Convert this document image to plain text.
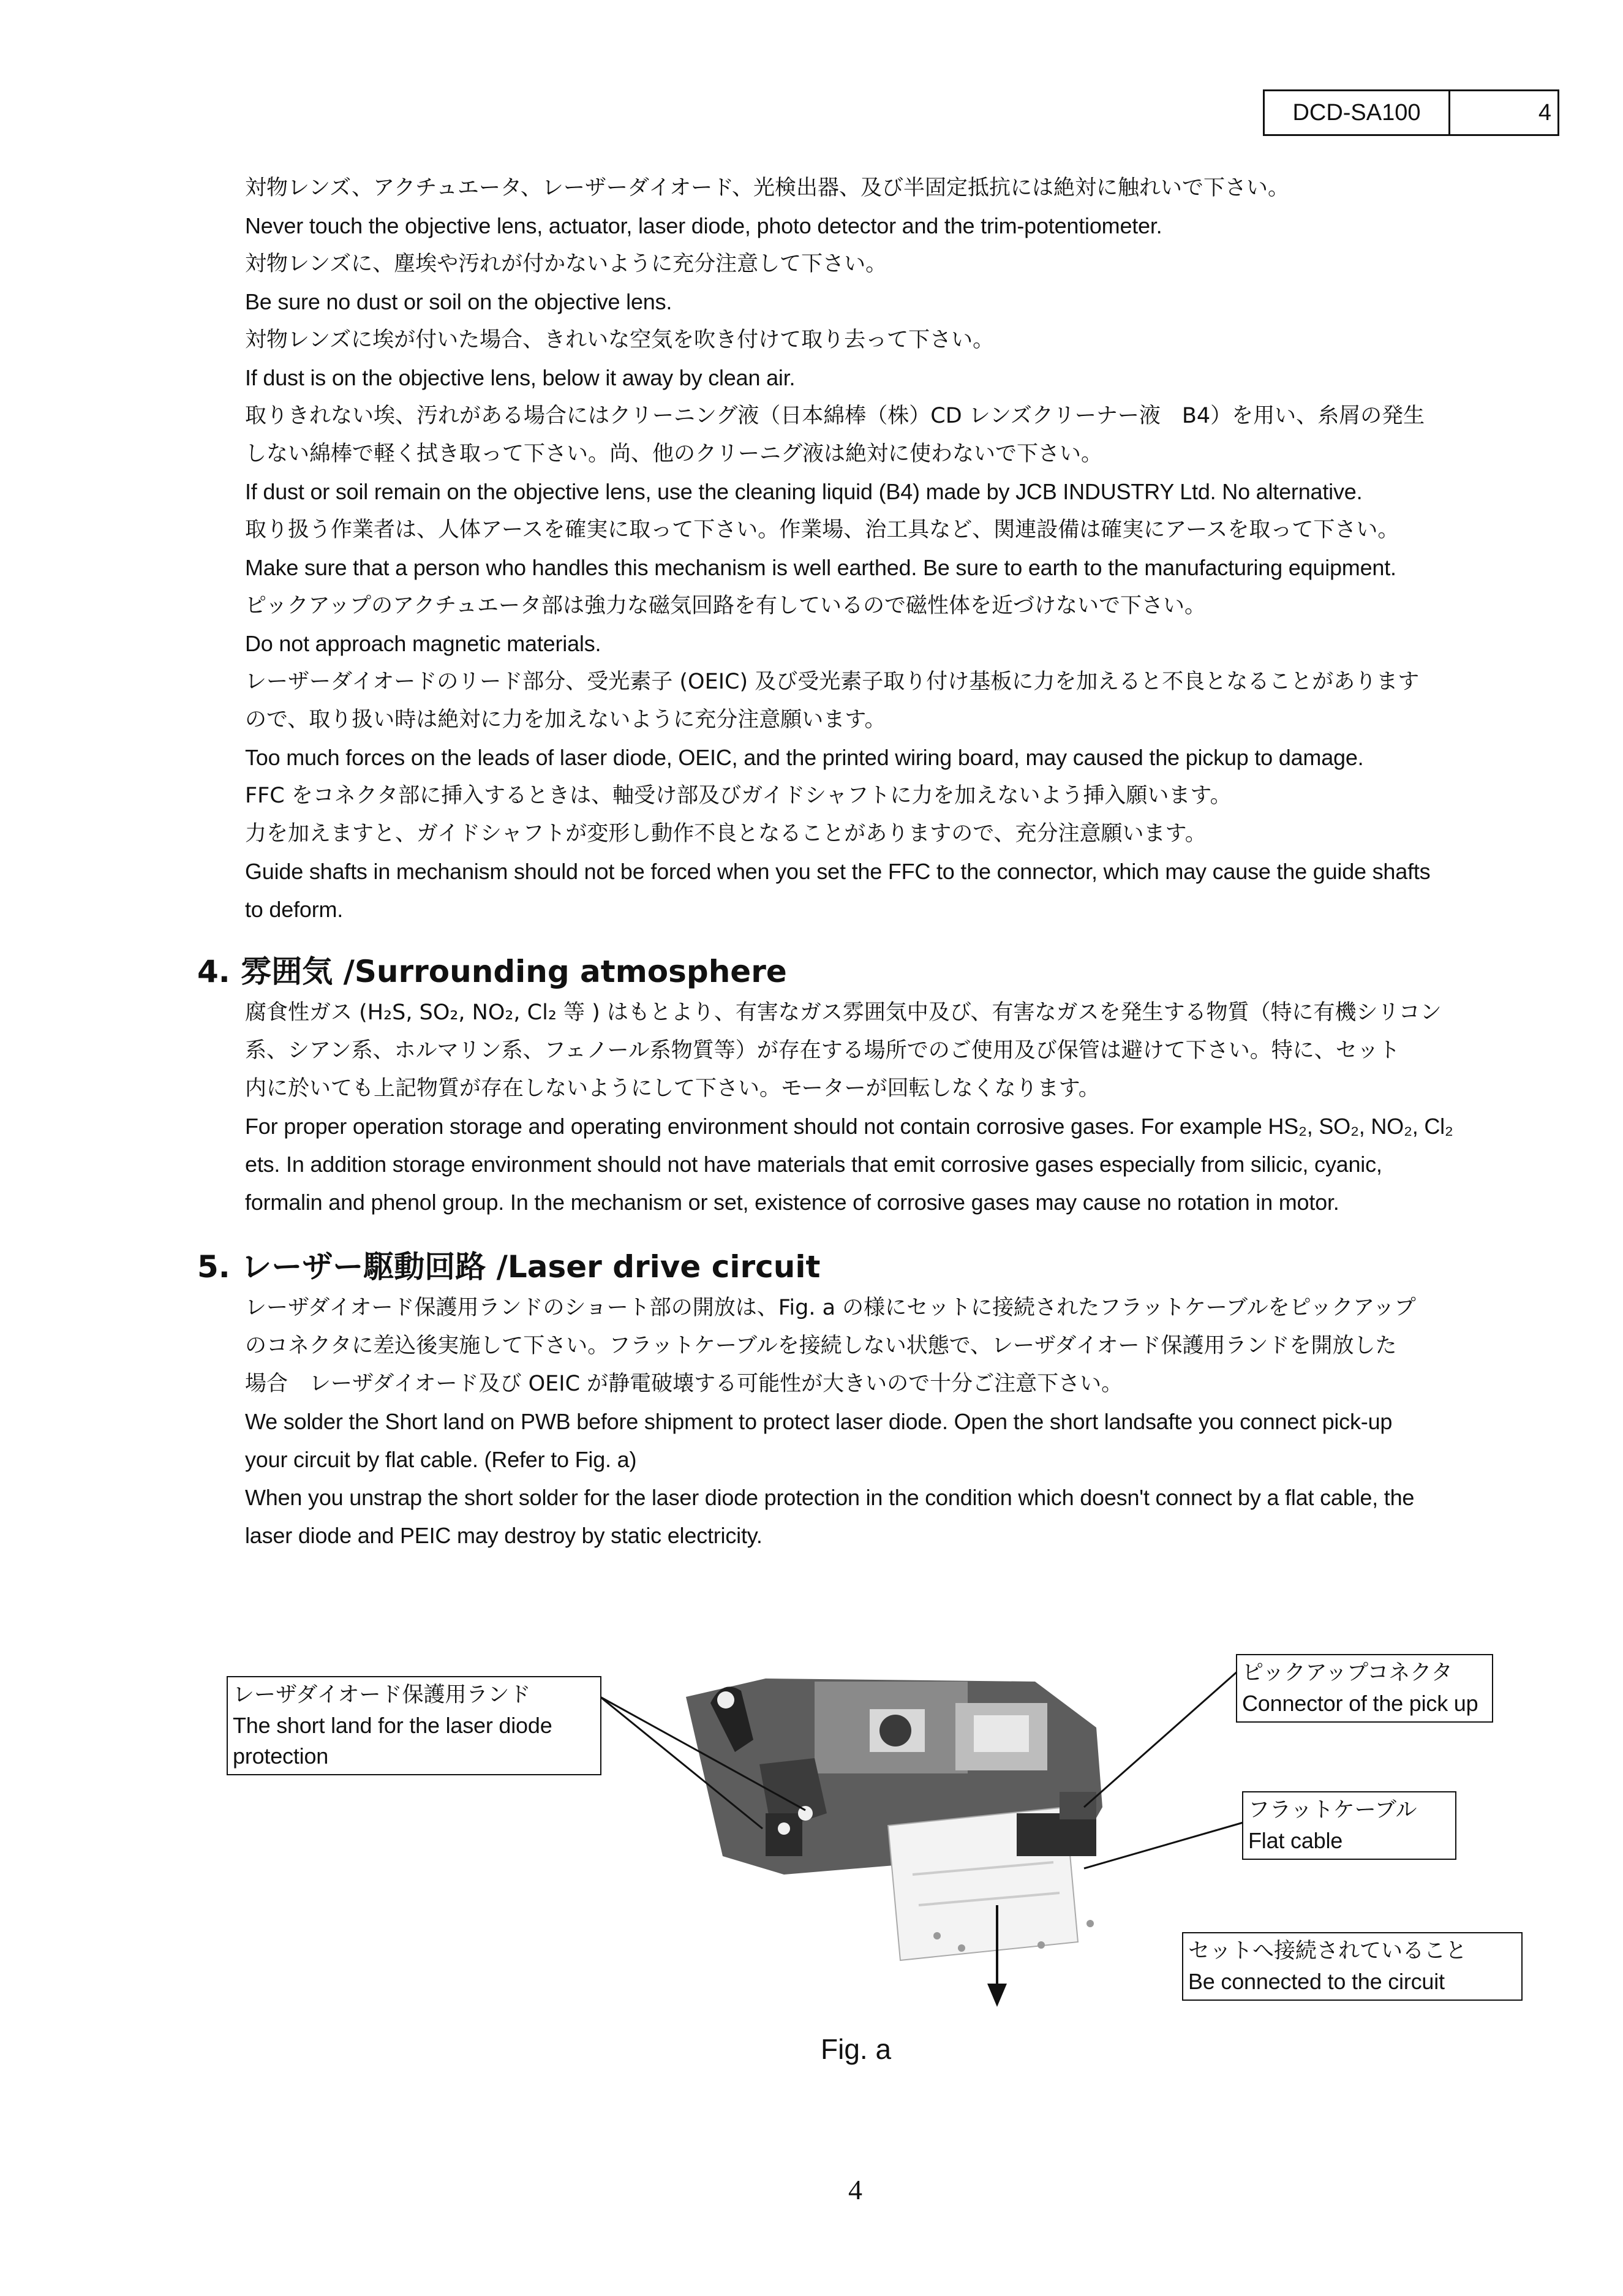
DCD-SA100	4
対物レンズ、アクチュエータ、レーザーダイオード、光検出器、及び半固定抵抗には絶対に触れいで下さい。
Never touch the objective lens, actuator, laser diode, photo detector and the trim-potentiometer.
対物レンズに、塵埃や汚れが付かないように充分注意して下さい。
Be sure no dust or soil on the objective lens.
対物レンズに埃が付いた場合、きれいな空気を吹き付けて取り去って下さい。
If dust is on the objective lens, below it away by clean air.
取りきれない埃、汚れがある場合にはクリーニング液（日本綿棒（株）CD レンズクリーナー液　B4）を用い、糸屑の発生
しない綿棒で軽く拭き取って下さい。尚、他のクリーニグ液は絶対に使わないで下さい。
If dust or soil remain on the objective lens, use the cleaning liquid (B4) made by JCB INDUSTRY Ltd. No alternative.
取り扱う作業者は、人体アースを確実に取って下さい。作業場、治工具など、関連設備は確実にアースを取って下さい。
Make sure that a person who handles this mechanism is well earthed. Be sure to earth to the manufacturing equipment.
ピックアップのアクチュエータ部は強力な磁気回路を有しているので磁性体を近づけないで下さい。
Do not approach magnetic materials.
レーザーダイオードのリード部分、受光素子 (OEIC) 及び受光素子取り付け基板に力を加えると不良となることがあります
ので、取り扱い時は絶対に力を加えないように充分注意願います。
Too much forces on the leads of laser diode, OEIC, and the printed wiring board, may caused the pickup to damage.
FFC をコネクタ部に挿入するときは、軸受け部及びガイドシャフトに力を加えないよう挿入願います。
力を加えますと、ガイドシャフトが変形し動作不良となることがありますので、充分注意願います。
Guide shafts in mechanism should not be forced when you set the FFC to the connector, which may cause the guide shafts
to deform.
4. 雰囲気 /Surrounding atmosphere
腐食性ガス (H₂S, SO₂, NO₂, Cl₂ 等 ) はもとより、有害なガス雰囲気中及び、有害なガスを発生する物質（特に有機シリコン
系、シアン系、ホルマリン系、フェノール系物質等）が存在する場所でのご使用及び保管は避けて下さい。特に、セット
内に於いても上記物質が存在しないようにして下さい。モーターが回転しなくなります。
For proper operation storage and operating environment should not contain corrosive gases. For example HS₂, SO₂, NO₂, Cl₂
ets. In addition storage environment should not have materials that emit corrosive gases especially from silicic, cyanic,
formalin and phenol group. In the mechanism or set, existence of corrosive gases may cause no rotation in motor.
5. レーザー駆動回路 /Laser drive circuit
レーザダイオード保護用ランドのショート部の開放は、Fig. a の様にセットに接続されたフラットケーブルをピックアップ
のコネクタに差込後実施して下さい。フラットケーブルを接続しない状態で、レーザダイオード保護用ランドを開放した
場合　レーザダイオード及び OEIC が静電破壊する可能性が大きいので十分ご注意下さい。
We solder the Short land on PWB before shipment to protect laser diode. Open the short landsafte you connect pick-up
your circuit by flat cable. (Refer to Fig. a)
When you unstrap the short solder for the laser diode protection in the condition which doesn't connect by a flat cable, the
laser diode and PEIC may destroy by static electricity.
レーザダイオード保護用ランド
The short land for the laser diode
protection
ピックアップコネクタ
Connector of the pick up
フラットケーブル
Flat cable
セットへ接続されていること
Be connected to the circuit
Fig. a
4
